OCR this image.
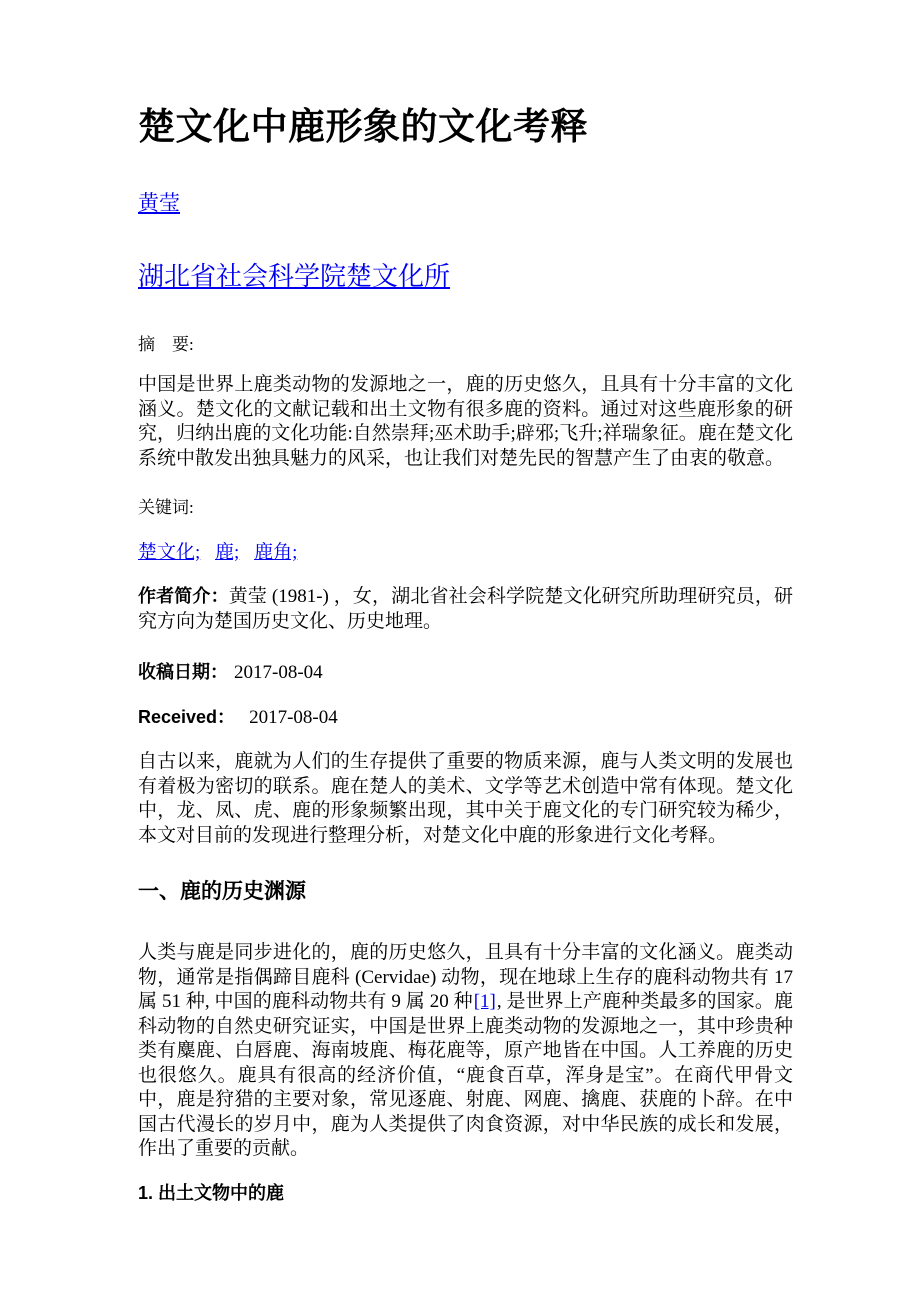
楚文化中鹿形象的文化考释
黄莹
湖北省社会科学院楚文化所

摘　要:

中国是世界上鹿类动物的发源地之一，鹿的历史悠久，且具有十分丰富的文化涵义。楚文化的文献记载和出土文物有很多鹿的资料。通过对这些鹿形象的研究，归纳出鹿的文化功能:自然崇拜;巫术助手;辟邪;飞升;祥瑞象征。鹿在楚文化系统中散发出独具魅力的风采，也让我们对楚先民的智慧产生了由衷的敬意。

关键词:

楚文化; 鹿; 鹿角;

作者简介：黄莹 (1981-) ，女，湖北省社会科学院楚文化研究所助理研究员，研究方向为楚国历史文化、历史地理。

收稿日期： 2017-08-04

Received： 2017-08-04

自古以来，鹿就为人们的生存提供了重要的物质来源，鹿与人类文明的发展也有着极为密切的联系。鹿在楚人的美术、文学等艺术创造中常有体现。楚文化中，龙、凤、虎、鹿的形象频繁出现，其中关于鹿文化的专门研究较为稀少，本文对目前的发现进行整理分析，对楚文化中鹿的形象进行文化考释。

一、鹿的历史渊源

人类与鹿是同步进化的，鹿的历史悠久，且具有十分丰富的文化涵义。鹿类动物，通常是指偶蹄目鹿科 (Cervidae) 动物，现在地球上生存的鹿科动物共有 17 属 51 种, 中国的鹿科动物共有 9 属 20 种[1], 是世界上产鹿种类最多的国家。鹿科动物的自然史研究证实，中国是世界上鹿类动物的发源地之一，其中珍贵种类有麋鹿、白唇鹿、海南坡鹿、梅花鹿等，原产地皆在中国。人工养鹿的历史也很悠久。鹿具有很高的经济价值，“鹿食百草，浑身是宝”。在商代甲骨文中，鹿是狩猎的主要对象，常见逐鹿、射鹿、网鹿、擒鹿、获鹿的卜辞。在中国古代漫长的岁月中，鹿为人类提供了肉食资源，对中华民族的成长和发展，作出了重要的贡献。

1. 出土文物中的鹿
